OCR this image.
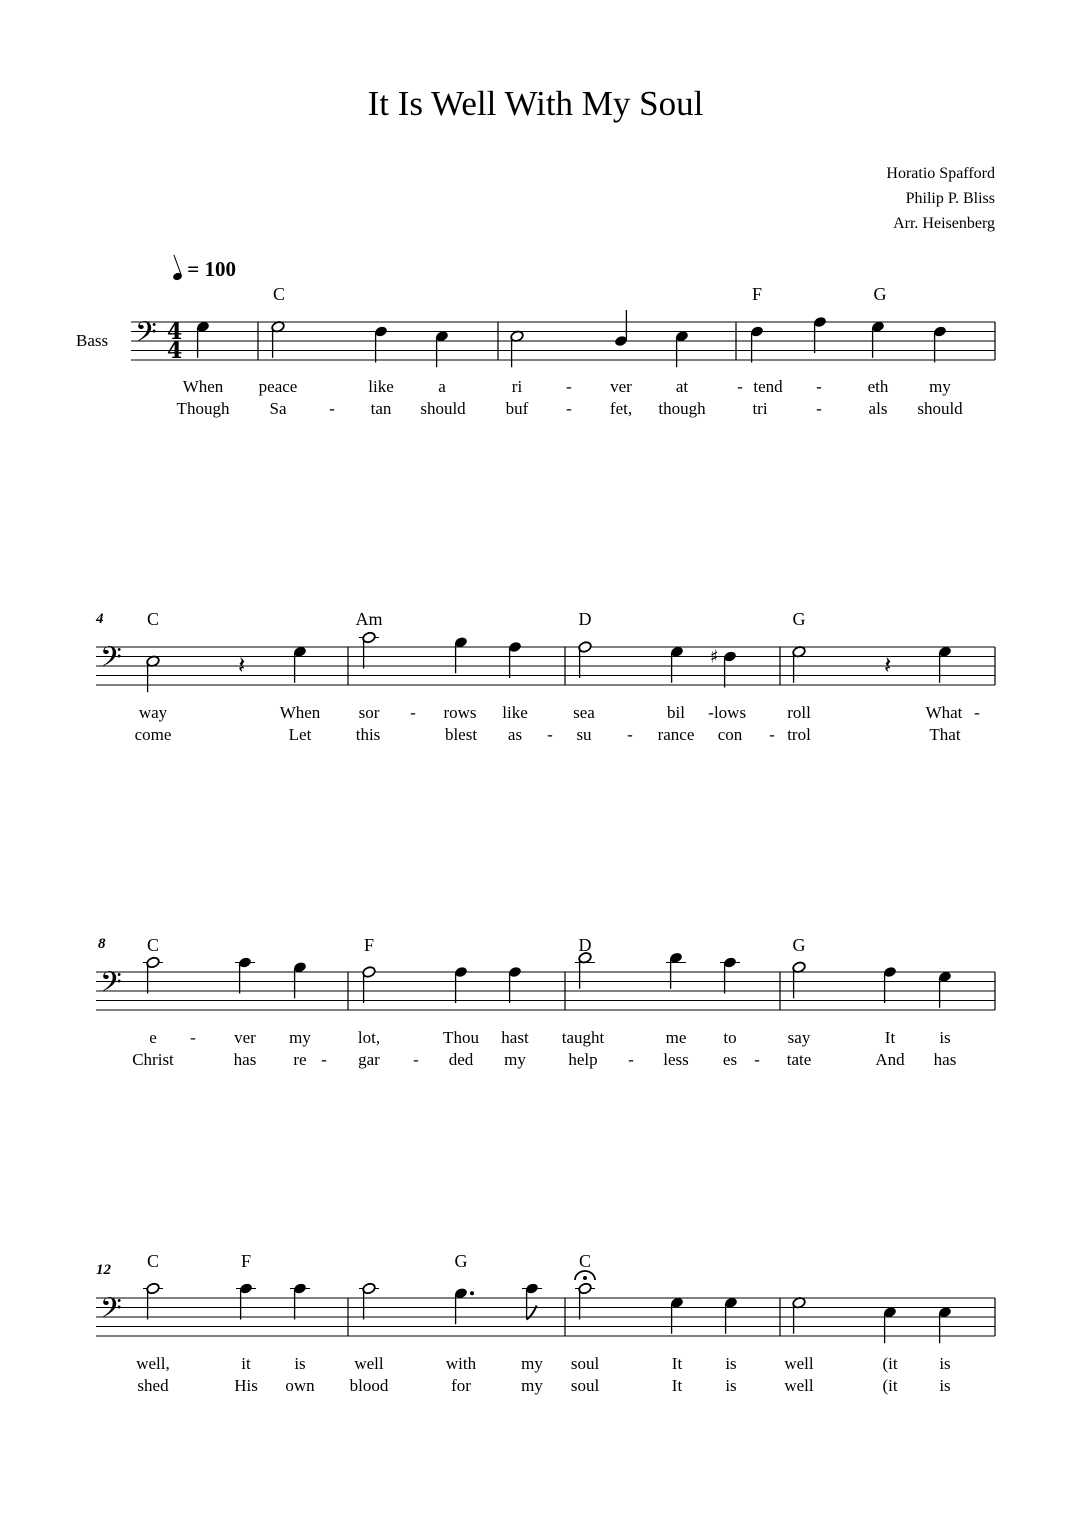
It Is Well With My Soul
Horatio Spafford
Philip P. Bliss
Arr. Heisenberg
= 100
Bass
4
8
12
𝄢 4
4
𝄢	𝄽	♯	𝄽
𝄢
𝄢
C	F	G
When peace	like	a	ri	- ver	at	- tend -	eth my
Though Sa	- tan should buf - fet, though	tri	-	als should
C	Am	D	G
way	When sor - rows like	sea	bil - lows roll	What -
come	Let	this	blest as - su - rance con - trol	That
C	F	D	G
e - ver my	lot,	Thou hast taught	me to	say	It	is
Christ	has re - gar - ded my help - less es - tate	And has
C	F	G	C
well,	it	is	well	with	my soul	It	is	well	(it is
shed	His own blood	for	my soul	It	is	well	(it is
